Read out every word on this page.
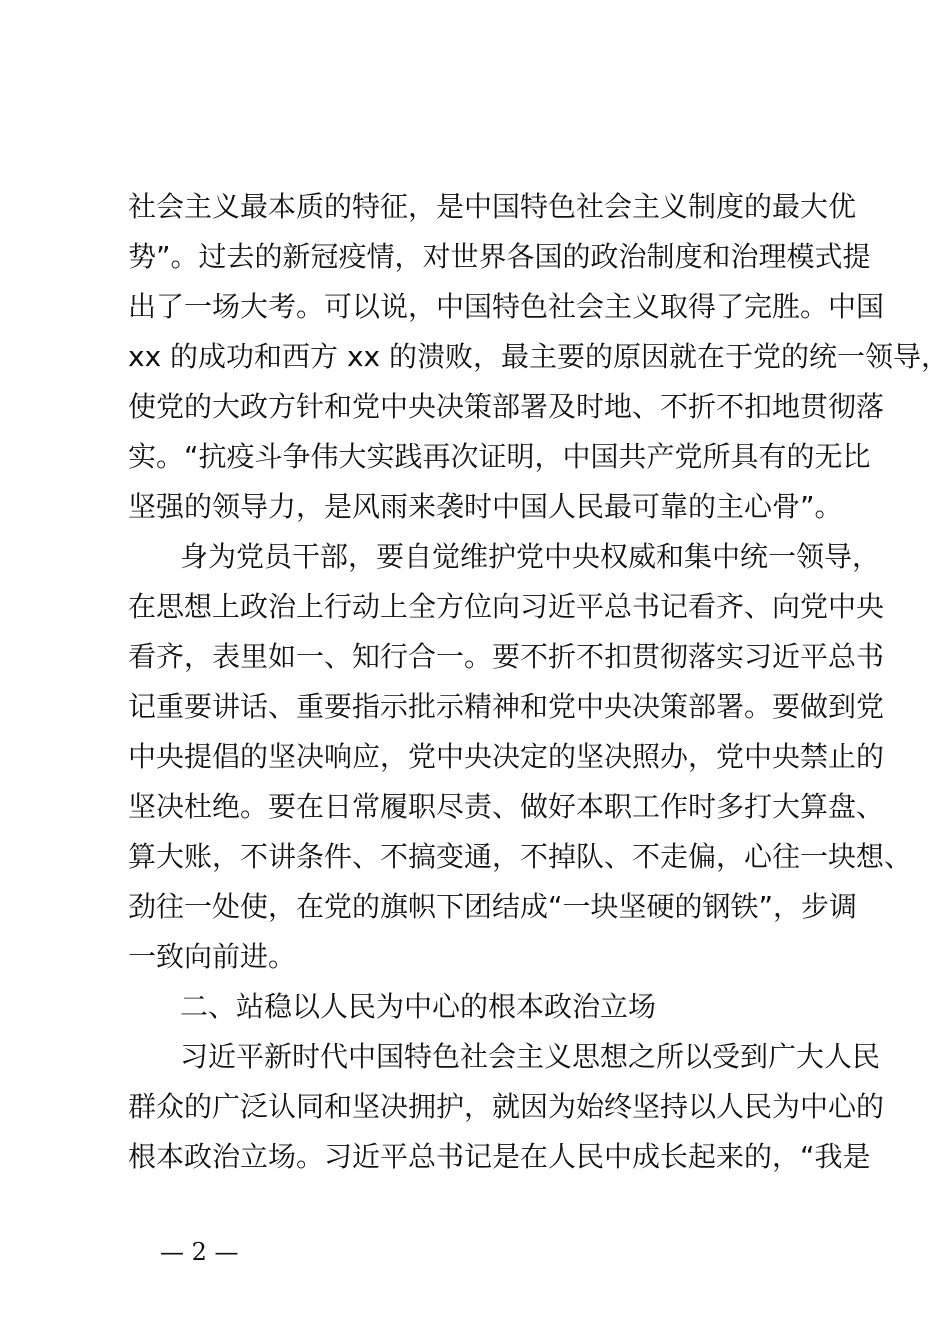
社会主义最本质的特征，是中国特色社会主义制度的最大优
势”。过去的新冠疫情，对世界各国的政治制度和治理模式提
出了一场大考。可以说，中国特色社会主义取得了完胜。中国
xx 的成功和西方 xx 的溃败，最主要的原因就在于党的统一领导，
使党的大政方针和党中央决策部署及时地、不折不扣地贯彻落
实。“抗疫斗争伟大实践再次证明，中国共产党所具有的无比
坚强的领导力，是风雨来袭时中国人民最可靠的主心骨”。
身为党员干部，要自觉维护党中央权威和集中统一领导，
在思想上政治上行动上全方位向习近平总书记看齐、向党中央
看齐，表里如一、知行合一。要不折不扣贯彻落实习近平总书
记重要讲话、重要指示批示精神和党中央决策部署。要做到党
中央提倡的坚决响应，党中央决定的坚决照办，党中央禁止的
坚决杜绝。要在日常履职尽责、做好本职工作时多打大算盘、
算大账，不讲条件、不搞变通，不掉队、不走偏，心往一块想、
劲往一处使，在党的旗帜下团结成“一块坚硬的钢铁”，步调
一致向前进。
二、站稳以人民为中心的根本政治立场
习近平新时代中国特色社会主义思想之所以受到广大人民
群众的广泛认同和坚决拥护，就因为始终坚持以人民为中心的
根本政治立场。习近平总书记是在人民中成长起来的，“我是
— 2 —
